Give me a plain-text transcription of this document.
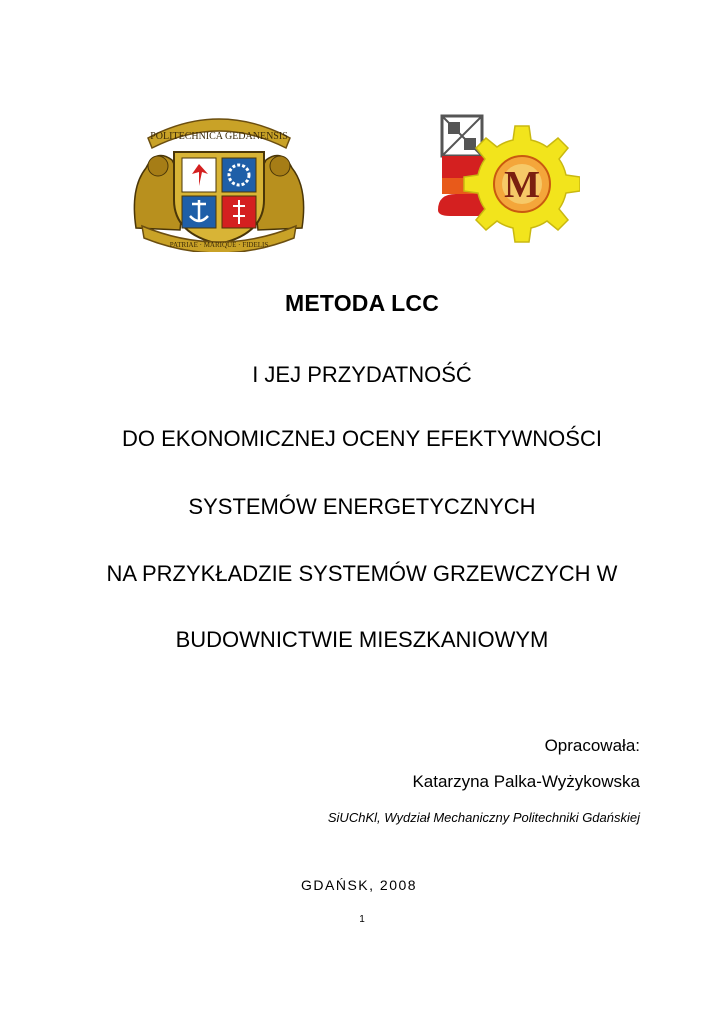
POLITECHNICA GEDANENSIS
PATRIAE · MARIQUE · FIDELIS
M
METODA LCC
I JEJ PRZYDATNOŚĆ
DO EKONOMICZNEJ OCENY EFEKTYWNOŚCI
SYSTEMÓW ENERGETYCZNYCH
NA PRZYKŁADZIE SYSTEMÓW GRZEWCZYCH W
BUDOWNICTWIE MIESZKANIOWYM
Opracowała:
Katarzyna Palka-Wyżykowska
SiUChKl, Wydział Mechaniczny Politechniki Gdańskiej
GDAŃSK, 2008
1
